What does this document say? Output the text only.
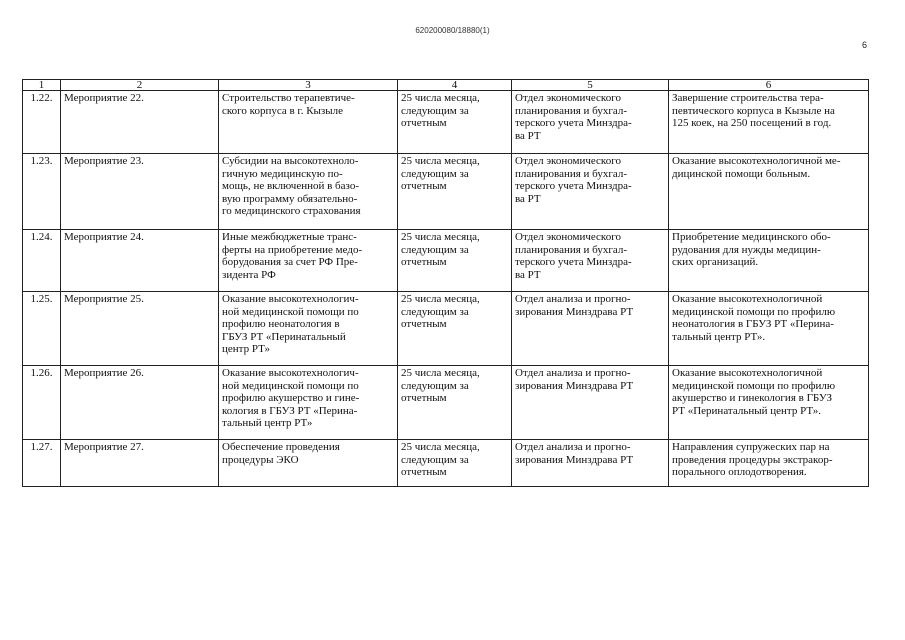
620200080/18880(1)
6
1	2	3	4	5	6
1.22.	Мероприятие 22.	Строительство терапевтиче-
ского корпуса в г. Кызыле	25 числа месяца,
следующим за
отчетным	Отдел экономического
планирования и бухгал-
терского учета Минздра-
ва РТ	Завершение строительства тера-
певтического корпуса в Кызыле на
125 коек, на 250 посещений в год.
1.23.	Мероприятие 23.	Субсидии на высокотехноло-
гичную медицинскую по-
мощь, не включенной в базо-
вую программу обязательно-
го медицинского страхования	25 числа месяца,
следующим за
отчетным	Отдел экономического
планирования и бухгал-
терского учета Минздра-
ва РТ	Оказание высокотехнологичной ме-
дицинской помощи больным.
1.24.	Мероприятие 24.	Иные межбюджетные транс-
ферты на приобретение медо-
борудования за счет РФ Пре-
зидента РФ	25 числа месяца,
следующим за
отчетным	Отдел экономического
планирования и бухгал-
терского учета Минздра-
ва РТ	Приобретение медицинского обо-
рудования для нужды медицин-
ских организаций.
1.25.	Мероприятие 25.	Оказание высокотехнологич-
ной медицинской помощи по
профилю неонатология в
ГБУЗ РТ «Перинатальный
центр РТ»	25 числа месяца,
следующим за
отчетным	Отдел анализа и прогно-
зирования Минздрава РТ	Оказание высокотехнологичной
медицинской помощи по профилю
неонатология в ГБУЗ РТ «Перина-
тальный центр РТ».
1.26.	Мероприятие 26.	Оказание высокотехнологич-
ной медицинской помощи по
профилю акушерство и гине-
кология в ГБУЗ РТ «Перина-
тальный центр РТ»	25 числа месяца,
следующим за
отчетным	Отдел анализа и прогно-
зирования Минздрава РТ	Оказание высокотехнологичной
медицинской помощи по профилю
акушерство и гинекология в ГБУЗ
РТ «Перинатальный центр РТ».
1.27.	Мероприятие 27.	Обеспечение проведения
процедуры ЭКО	25 числа месяца,
следующим за
отчетным	Отдел анализа и прогно-
зирования Минздрава РТ	Направления супружеских пар на
проведения процедуры экстракор-
порального оплодотворения.
